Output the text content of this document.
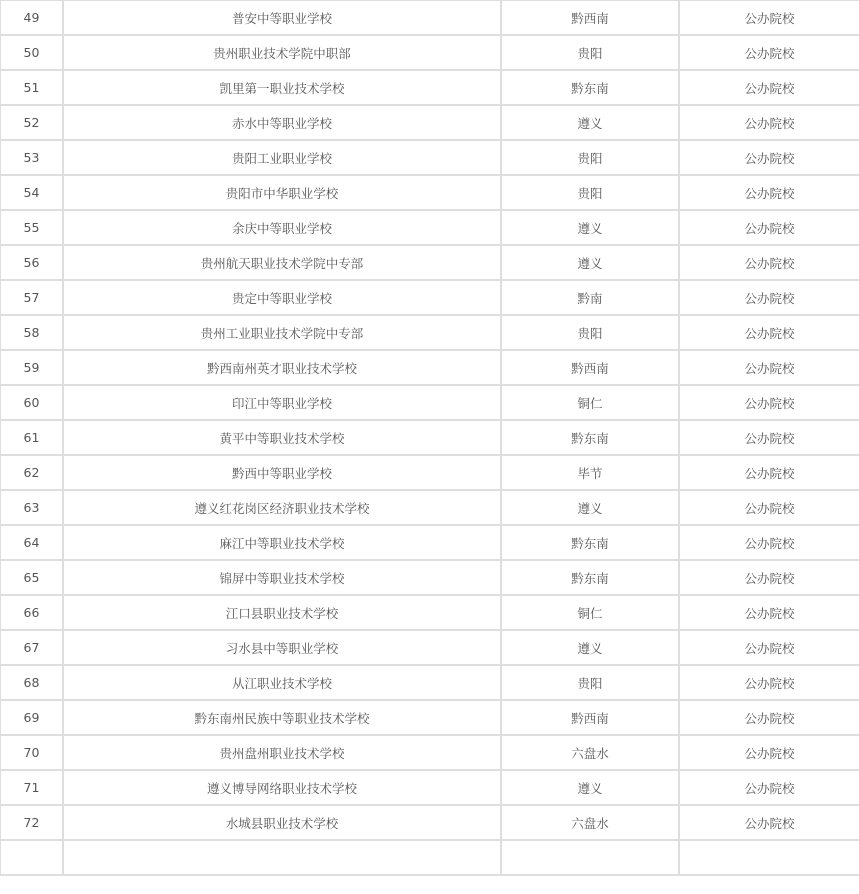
49	普安中等职业学校	黔西南	公办院校
50	贵州职业技术学院中职部	贵阳	公办院校
51	凯里第一职业技术学校	黔东南	公办院校
52	赤水中等职业学校	遵义	公办院校
53	贵阳工业职业学校	贵阳	公办院校
54	贵阳市中华职业学校	贵阳	公办院校
55	余庆中等职业学校	遵义	公办院校
56	贵州航天职业技术学院中专部	遵义	公办院校
57	贵定中等职业学校	黔南	公办院校
58	贵州工业职业技术学院中专部	贵阳	公办院校
59	黔西南州英才职业技术学校	黔西南	公办院校
60	印江中等职业学校	铜仁	公办院校
61	黄平中等职业技术学校	黔东南	公办院校
62	黔西中等职业学校	毕节	公办院校
63	遵义红花岗区经济职业技术学校	遵义	公办院校
64	麻江中等职业技术学校	黔东南	公办院校
65	锦屏中等职业技术学校	黔东南	公办院校
66	江口县职业技术学校	铜仁	公办院校
67	习水县中等职业学校	遵义	公办院校
68	从江职业技术学校	贵阳	公办院校
69	黔东南州民族中等职业技术学校	黔西南	公办院校
70	贵州盘州职业技术学校	六盘水	公办院校
71	遵义博导网络职业技术学校	遵义	公办院校
72	水城县职业技术学校	六盘水	公办院校
